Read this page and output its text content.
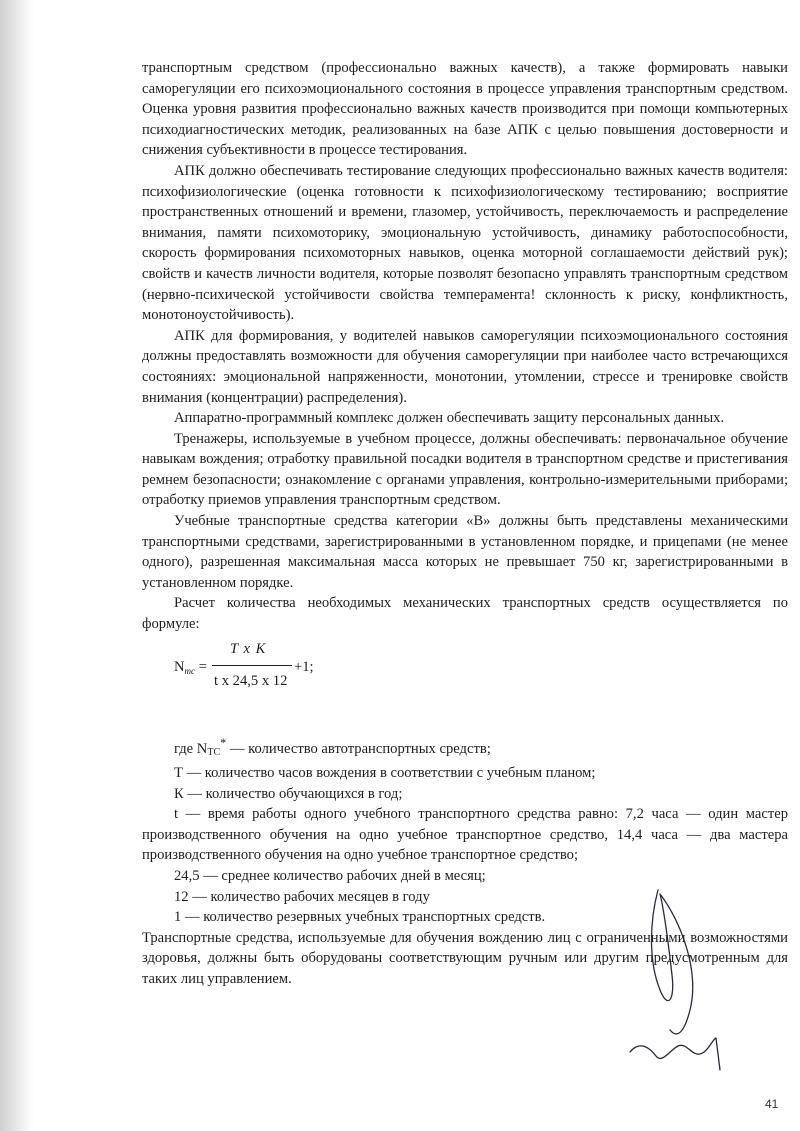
транспортным средством (профессионально важных качеств), а также формировать навыки саморегуляции его психоэмоционального состояния в процессе управления транспортным средством. Оценка уровня развития профессионально важных качеств производится при помощи компьютерных психодиагностических методик, реализованных на базе АПК с целью повышения достоверности и снижения субъективности в процессе тестирования.

АПК должно обеспечивать тестирование следующих профессионально важных качеств водителя: психофизиологические (оценка готовности к психофизиологическому тестированию; восприятие пространственных отношений и времени, глазомер, устойчивость, переключаемость и распределение внимания, памяти психомоторику, эмоциональную устойчивость, динамику работоспособности, скорость формирования психомоторных навыков, оценка моторной соглашаемости действий рук); свойств и качеств личности водителя, которые позволят безопасно управлять транспортным средством (нервно-психической устойчивости свойства темперамента! склонность к риску, конфликтность, монотоноустойчивость).

АПК для формирования, у водителей навыков саморегуляции психоэмоционального состояния должны предоставлять возможности для обучения саморегуляции при наиболее часто встречающихся состояниях: эмоциональной напряженности, монотонии, утомлении, стрессе и тренировке свойств внимания (концентрации) распределения).

Аппаратно-программный комплекс должен обеспечивать защиту персональных данных.

Тренажеры, используемые в учебном процессе, должны обеспечивать: первоначальное обучение навыкам вождения; отработку правильной посадки водителя в транспортном средстве и пристегивания ремнем безопасности; ознакомление с органами управления, контрольно-измерительными приборами; отработку приемов управления транспортным средством.

Учебные транспортные средства категории «В» должны быть представлены механическими транспортными средствами, зарегистрированными в установленном порядке, и прицепами (не менее одного), разрешенная максимальная масса которых не превышает 750 кг, зарегистрированными в установленном порядке.

Расчет количества необходимых механических транспортных средств осуществляется по формуле:

$N_{тс}$ =
T x K
t x 24,5 x 12
+1;

где NТС* — количество автотранспортных средств;

Т — количество часов вождения в соответствии с учебным планом;

К — количество обучающихся в год;

t — время работы одного учебного транспортного средства равно: 7,2 часа — один мастер производственного обучения на одно учебное транспортное средство, 14,4 часа — два мастера производственного обучения на одно учебное транспортное средство;

24,5 — среднее количество рабочих дней в месяц;

12 — количество рабочих месяцев в году

1 — количество резервных учебных транспортных средств.

Транспортные средства, используемые для обучения вождению лиц с ограниченными возможностями здоровья, должны быть оборудованы соответствующим ручным или другим предусмотренным для таких лиц управлением.

41
